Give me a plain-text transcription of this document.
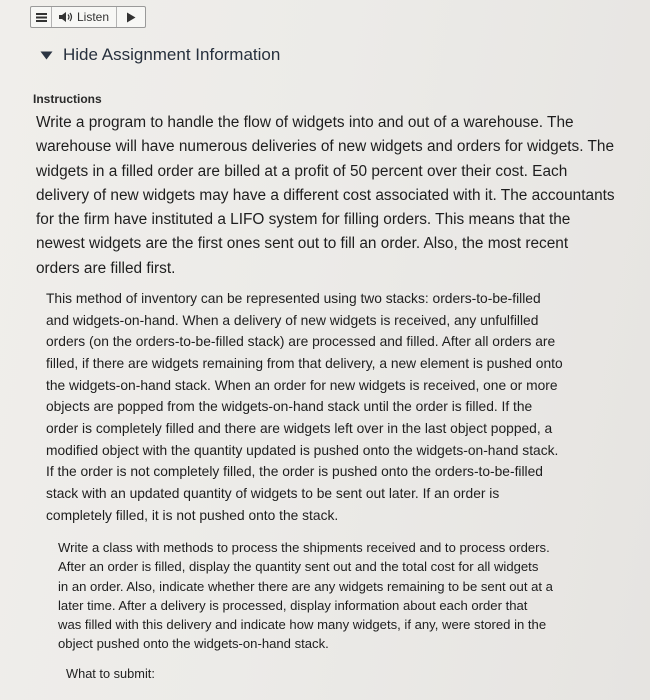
Listen
Hide Assignment Information
Instructions

Write a program to handle the flow of widgets into and out of a warehouse. The
warehouse will have numerous deliveries of new widgets and orders for widgets. The
widgets in a filled order are billed at a profit of 50 percent over their cost. Each
delivery of new widgets may have a different cost associated with it. The accountants
for the firm have instituted a LIFO system for filling orders. This means that the
newest widgets are the first ones sent out to fill an order. Also, the most recent
orders are filled first.

This method of inventory can be represented using two stacks: orders-to-be-filled
and widgets-on-hand. When a delivery of new widgets is received, any unfulfilled
orders (on the orders-to-be-filled stack) are processed and filled. After all orders are
filled, if there are widgets remaining from that delivery, a new element is pushed onto
the widgets-on-hand stack. When an order for new widgets is received, one or more
objects are popped from the widgets-on-hand stack until the order is filled. If the
order is completely filled and there are widgets left over in the last object popped, a
modified object with the quantity updated is pushed onto the widgets-on-hand stack.
If the order is not completely filled, the order is pushed onto the orders-to-be-filled
stack with an updated quantity of widgets to be sent out later. If an order is
completely filled, it is not pushed onto the stack.

Write a class with methods to process the shipments received and to process orders.
After an order is filled, display the quantity sent out and the total cost for all widgets
in an order. Also, indicate whether there are any widgets remaining to be sent out at a
later time. After a delivery is processed, display information about each order that
was filled with this delivery and indicate how many widgets, if any, were stored in the
object pushed onto the widgets-on-hand stack.

What to submit:
